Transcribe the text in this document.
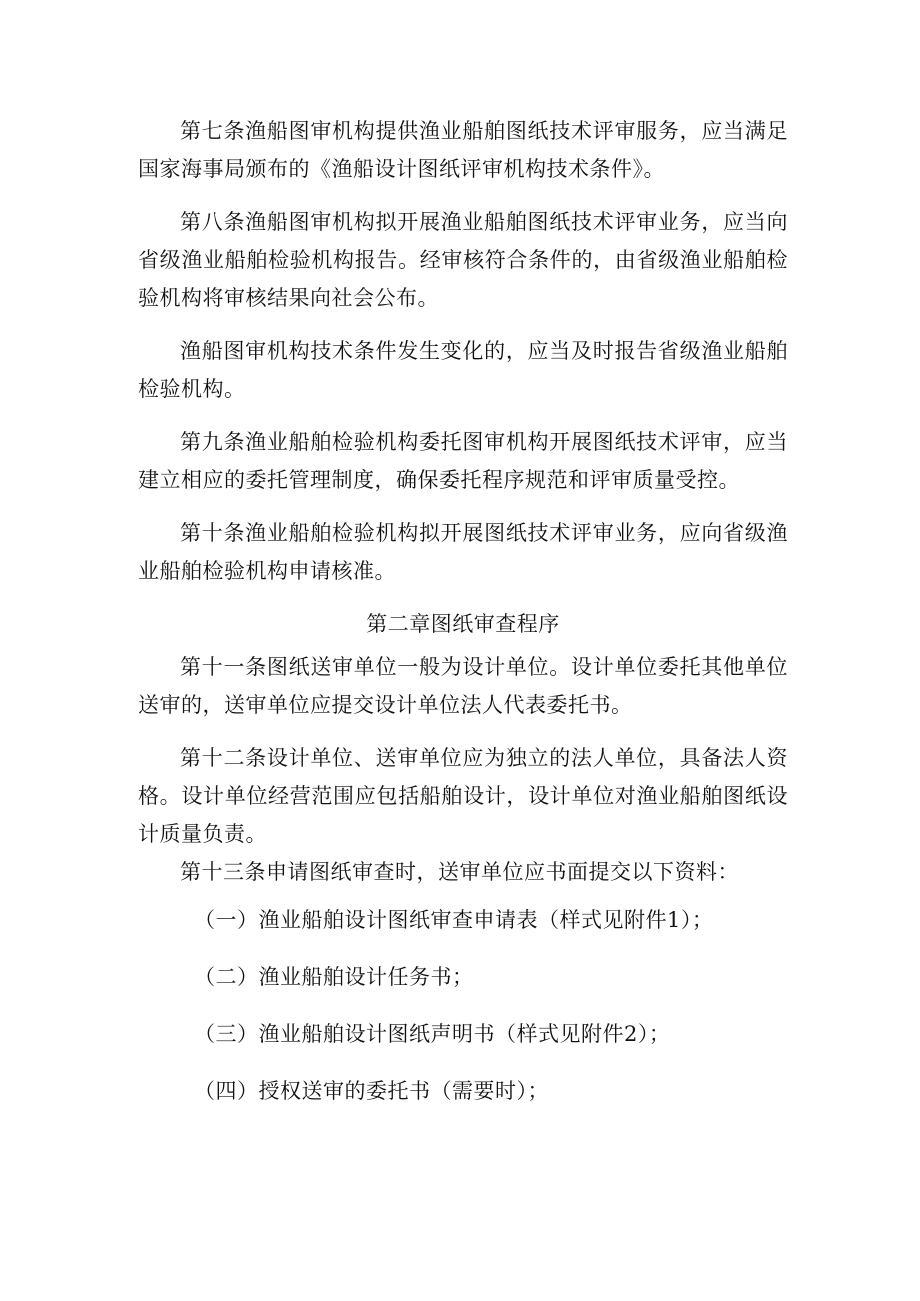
第七条渔船图审机构提供渔业船舶图纸技术评审服务，应当满足国家海事局颁布的《渔船设计图纸评审机构技术条件》。

第八条渔船图审机构拟开展渔业船舶图纸技术评审业务，应当向省级渔业船舶检验机构报告。经审核符合条件的，由省级渔业船舶检验机构将审核结果向社会公布。

渔船图审机构技术条件发生变化的，应当及时报告省级渔业船舶检验机构。

第九条渔业船舶检验机构委托图审机构开展图纸技术评审，应当建立相应的委托管理制度，确保委托程序规范和评审质量受控。

第十条渔业船舶检验机构拟开展图纸技术评审业务，应向省级渔业船舶检验机构申请核准。

第二章图纸审查程序

第十一条图纸送审单位一般为设计单位。设计单位委托其他单位送审的，送审单位应提交设计单位法人代表委托书。

第十二条设计单位、送审单位应为独立的法人单位，具备法人资格。设计单位经营范围应包括船舶设计，设计单位对渔业船舶图纸设计质量负责。

第十三条申请图纸审查时，送审单位应书面提交以下资料：

（一）渔业船舶设计图纸审查申请表（样式见附件1）；

（二）渔业船舶设计任务书；

（三）渔业船舶设计图纸声明书（样式见附件2）；

（四）授权送审的委托书（需要时）；
